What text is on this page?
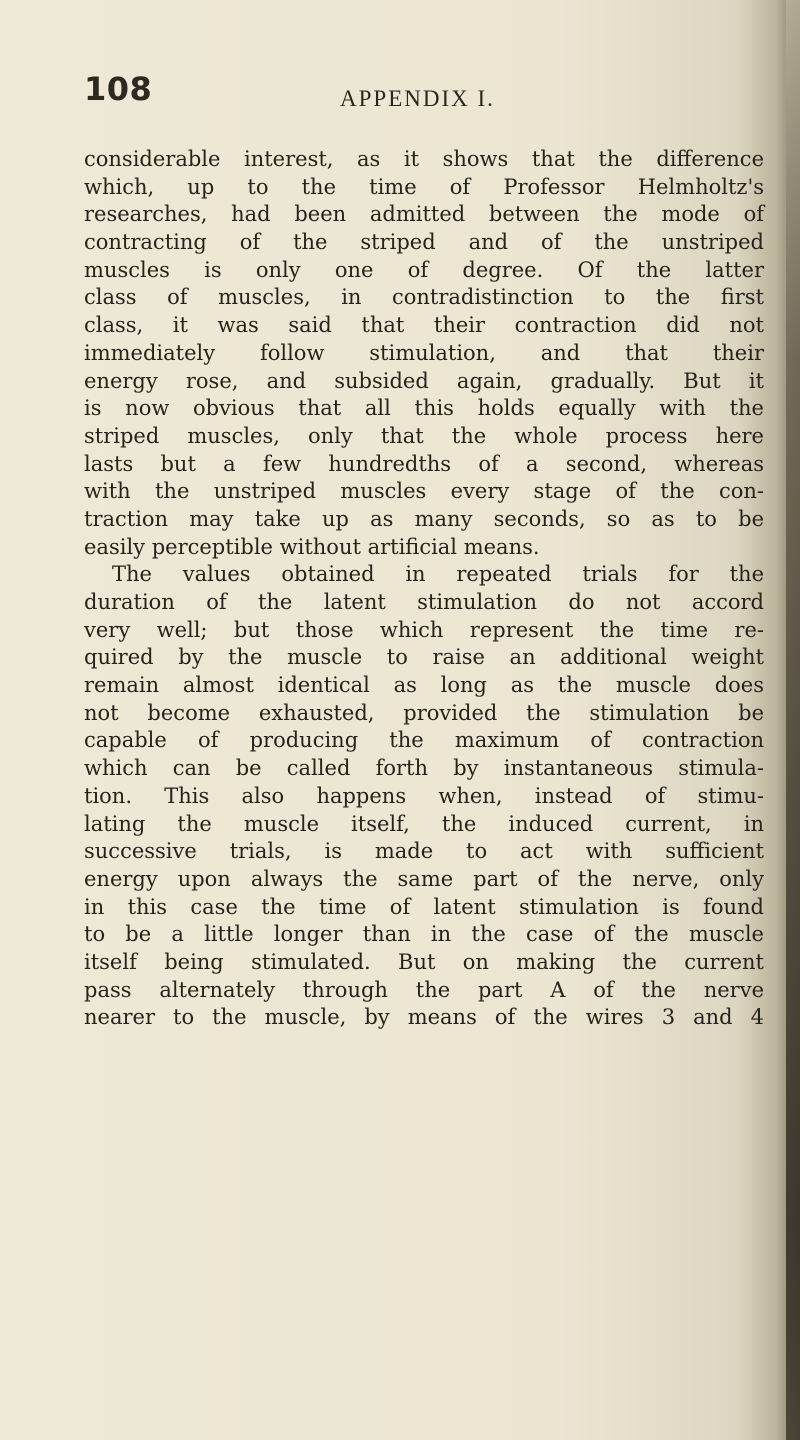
108	APPENDIX I.
considerable interest, as it shows that the difference
which, up to the time of Professor Helmholtz's
researches, had been admitted between the mode of
contracting of the striped and of the unstriped
muscles is only one of degree. Of the latter
class of muscles, in contradistinction to the first
class, it was said that their contraction did not
immediately follow stimulation, and that their
energy rose, and subsided again, gradually. But it
is now obvious that all this holds equally with the
striped muscles, only that the whole process here
lasts but a few hundredths of a second, whereas
with the unstriped muscles every stage of the con-
traction may take up as many seconds, so as to be
easily perceptible without artificial means.
The values obtained in repeated trials for the
duration of the latent stimulation do not accord
very well; but those which represent the time re-
quired by the muscle to raise an additional weight
remain almost identical as long as the muscle does
not become exhausted, provided the stimulation be
capable of producing the maximum of contraction
which can be called forth by instantaneous stimula-
tion. This also happens when, instead of stimu-
lating the muscle itself, the induced current, in
successive trials, is made to act with sufficient
energy upon always the same part of the nerve, only
in this case the time of latent stimulation is found
to be a little longer than in the case of the muscle
itself being stimulated. But on making the current
pass alternately through the part A of the nerve
nearer to the muscle, by means of the wires 3 and 4
